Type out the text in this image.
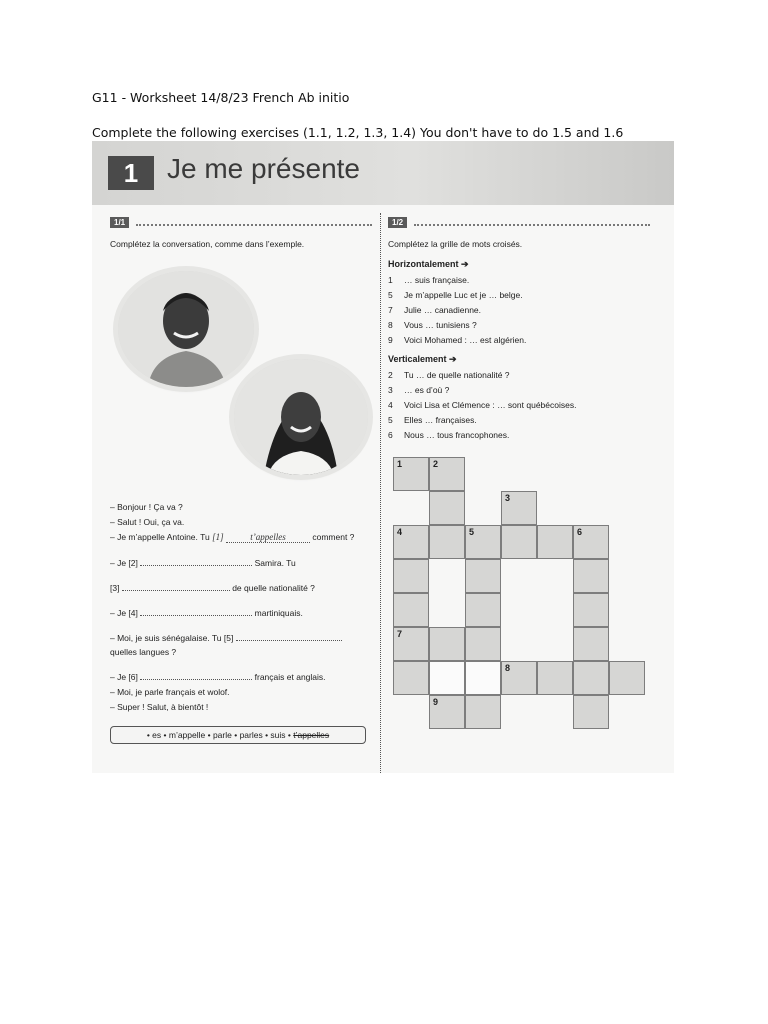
G11 - Worksheet 14/8/23 French Ab initio
Complete the following exercises (1.1, 1.2, 1.3, 1.4) You don't have to do 1.5 and 1.6
1	Je me présente
1/1
Complétez la conversation, comme dans l’exemple.
– Bonjour ! Ça va ?
– Salut ! Oui, ça va.
– Je m’appelle Antoine. Tu [1]	t’appelles	comment ?
– Je [2]	Samira. Tu
[3]	de quelle nationalité ?
– Je [4]	martiniquais.
– Moi, je suis sénégalaise. Tu [5]
quelles langues ?
– Je [6]	français et anglais.
– Moi, je parle français et wolof.
– Super ! Salut, à bientôt !
• es • m’appelle • parle • parles • suis • t’appelles
1/2
Complétez la grille de mots croisés.
Horizontalement ➔
1 … suis française.
5 Je m’appelle Luc et je … belge.
7 Julie … canadienne.
8 Vous … tunisiens ?
9 Voici Mohamed : … est algérien.
Verticalement ➔
2 Tu … de quelle nationalité ?
3 … es d’où ?
4 Voici Lisa et Clémence : … sont québécoises.
5 Elles … françaises.
6 Nous … tous francophones.
1	2
3
4	5	6
7
8
9
